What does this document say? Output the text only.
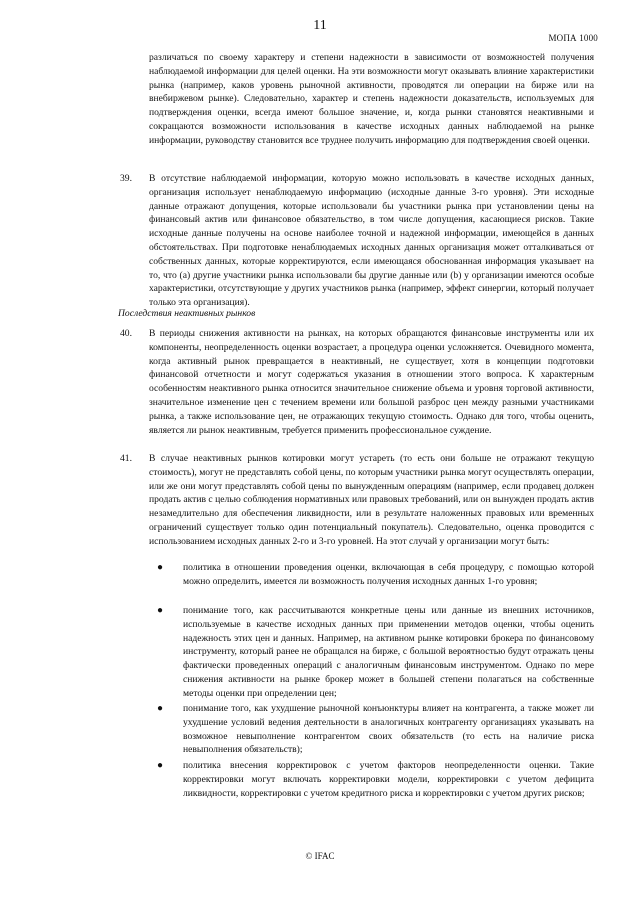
11
МОПА 1000
различаться по своему характеру и степени надежности в зависимости от возможностей получения наблюдаемой информации для целей оценки. На эти возможности могут оказывать влияние характеристики рынка (например, каков уровень рыночной активности, проводятся ли операции на бирже или на внебиржевом рынке). Следовательно, характер и степень надежности доказательств, используемых для подтверждения оценки, всегда имеют большое значение, и, когда рынки становятся неактивными и сокращаются возможности использования в качестве исходных данных наблюдаемой на рынке информации, руководству становится все труднее получить информацию для подтверждения своей оценки.
39. В отсутствие наблюдаемой информации, которую можно использовать в качестве исходных данных, организация использует ненаблюдаемую информацию (исходные данные 3-го уровня). Эти исходные данные отражают допущения, которые использовали бы участники рынка при установлении цены на финансовый актив или финансовое обязательство, в том числе допущения, касающиеся рисков. Такие исходные данные получены на основе наиболее точной и надежной информации, имеющейся в данных обстоятельствах. При подготовке ненаблюдаемых исходных данных организация может отталкиваться от собственных данных, которые корректируются, если имеющаяся обоснованная информация указывает на то, что (a) другие участники рынка использовали бы другие данные или (b) у организации имеются особые характеристики, отсутствующие у других участников рынка (например, эффект синергии, который получает только эта организация).
Последствия неактивных рынков
40. В периоды снижения активности на рынках, на которых обращаются финансовые инструменты или их компоненты, неопределенность оценки возрастает, а процедура оценки усложняется. Очевидного момента, когда активный рынок превращается в неактивный, не существует, хотя в концепции подготовки финансовой отчетности и могут содержаться указания в отношении этого вопроса. К характерным особенностям неактивного рынка относится значительное снижение объема и уровня торговой активности, значительное изменение цен с течением времени или большой разброс цен между разными участниками рынка, а также использование цен, не отражающих текущую стоимость. Однако для того, чтобы оценить, является ли рынок неактивным, требуется применить профессиональное суждение.
41. В случае неактивных рынков котировки могут устареть (то есть они больше не отражают текущую стоимость), могут не представлять собой цены, по которым участники рынка могут осуществлять операции, или же они могут представлять собой цены по вынужденным операциям (например, если продавец должен продать актив с целью соблюдения нормативных или правовых требований, или он вынужден продать актив незамедлительно для обеспечения ликвидности, или в результате наложенных правовых или временных ограничений существует только один потенциальный покупатель). Следовательно, оценка проводится с использованием исходных данных 2-го и 3-го уровней. На этот случай у организации могут быть:
● политика в отношении проведения оценки, включающая в себя процедуру, с помощью которой можно определить, имеется ли возможность получения исходных данных 1-го уровня;
● понимание того, как рассчитываются конкретные цены или данные из внешних источников, используемые в качестве исходных данных при применении методов оценки, чтобы оценить надежность этих цен и данных. Например, на активном рынке котировки брокера по финансовому инструменту, который ранее не обращался на бирже, с большой вероятностью будут отражать цены фактически проведенных операций с аналогичным финансовым инструментом. Однако по мере снижения активности на рынке брокер может в большей степени полагаться на собственные методы оценки при определении цен;
● понимание того, как ухудшение рыночной конъюнктуры влияет на контрагента, а также может ли ухудшение условий ведения деятельности в аналогичных контрагенту организациях указывать на возможное невыполнение контрагентом своих обязательств (то есть на наличие риска невыполнения обязательств);
● политика внесения корректировок с учетом факторов неопределенности оценки. Такие корректировки могут включать корректировки модели, корректировки с учетом дефицита ликвидности, корректировки с учетом кредитного риска и корректировки с учетом других рисков;
© IFAC
